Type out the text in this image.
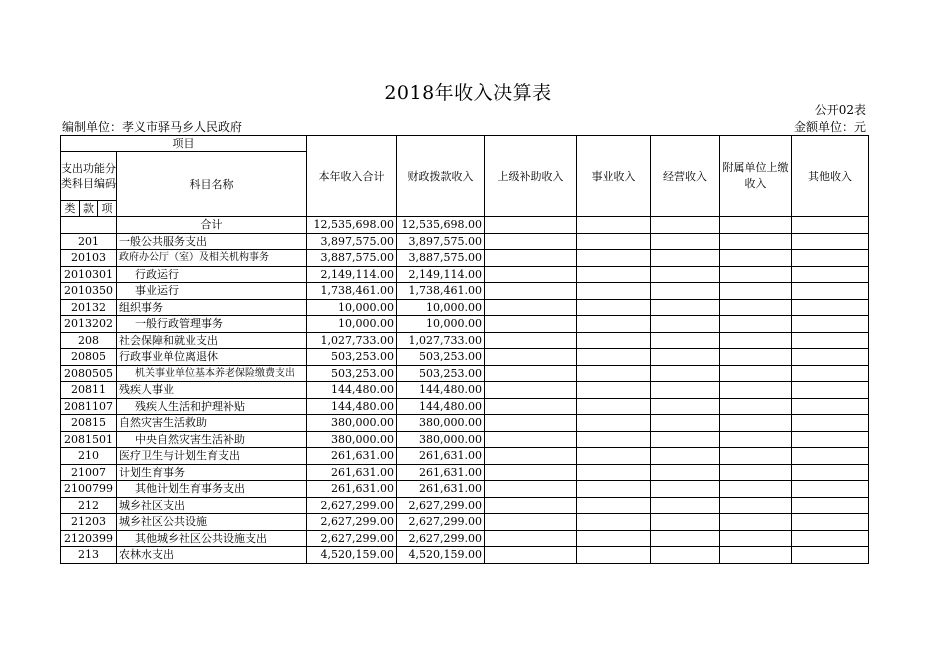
2018年收入决算表
公开02表
编制单位：孝义市驿马乡人民政府	金额单位：元
项目				本年收入合计	财政拨款收入	上级补助收入	事业收入	经营收入	附属单位上缴收入	其他收入	
支出功能分类科目编码			科目名称								
类	款	项								
			合计	12,535,698.00	12,535,698.00						
201			一般公共服务支出	3,897,575.00	3,897,575.00						
20103			政府办公厅（室）及相关机构事务	3,887,575.00	3,887,575.00						
2010301			行政运行	2,149,114.00	2,149,114.00						
2010350			事业运行	1,738,461.00	1,738,461.00						
20132			组织事务	10,000.00	10,000.00						
2013202			一般行政管理事务	10,000.00	10,000.00						
208			社会保障和就业支出	1,027,733.00	1,027,733.00						
20805			行政事业单位离退休	503,253.00	503,253.00						
2080505			机关事业单位基本养老保险缴费支出	503,253.00	503,253.00						
20811			残疾人事业	144,480.00	144,480.00						
2081107			残疾人生活和护理补贴	144,480.00	144,480.00						
20815			自然灾害生活救助	380,000.00	380,000.00						
2081501			中央自然灾害生活补助	380,000.00	380,000.00						
210			医疗卫生与计划生育支出	261,631.00	261,631.00						
21007			计划生育事务	261,631.00	261,631.00						
2100799			其他计划生育事务支出	261,631.00	261,631.00						
212			城乡社区支出	2,627,299.00	2,627,299.00						
21203			城乡社区公共设施	2,627,299.00	2,627,299.00						
2120399			其他城乡社区公共设施支出	2,627,299.00	2,627,299.00						
213			农林水支出	4,520,159.00	4,520,159.00						
